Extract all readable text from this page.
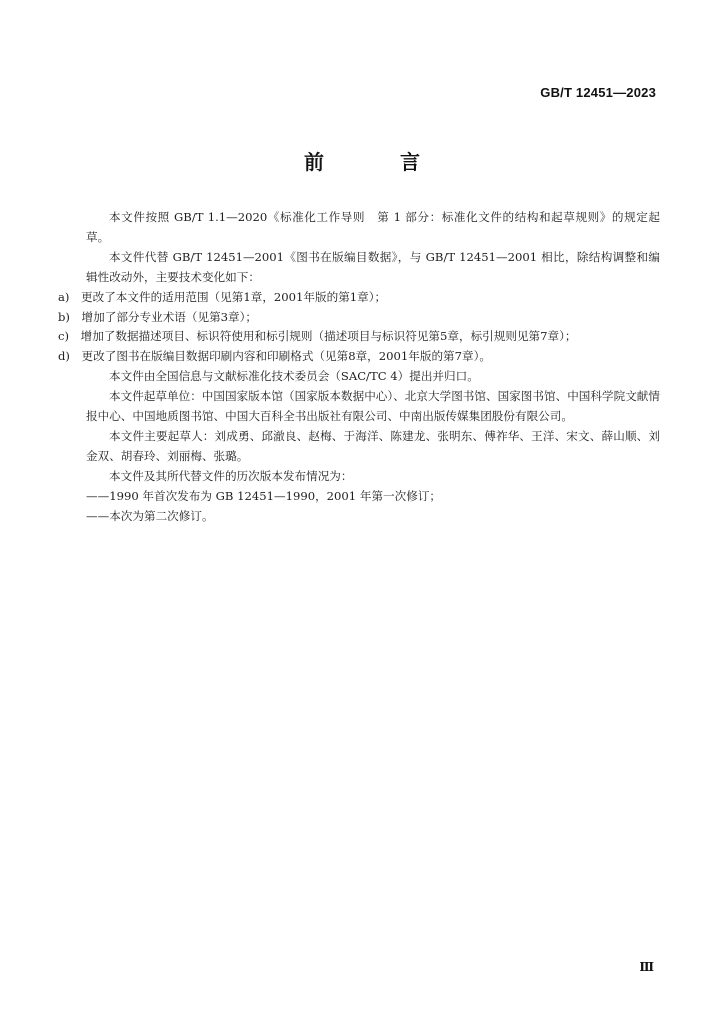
GB/T 12451—2023
前　言

本文件按照 GB/T 1.1—2020《标准化工作导则　第 1 部分：标准化文件的结构和起草规则》的规定起草。

本文件代替 GB/T 12451—2001《图书在版编目数据》，与 GB/T 12451—2001 相比，除结构调整和编辑性改动外，主要技术变化如下：

a)　更改了本文件的适用范围（见第1章，2001年版的第1章）；

b)　增加了部分专业术语（见第3章）；

c)　增加了数据描述项目、标识符使用和标引规则（描述项目与标识符见第5章，标引规则见第7章）；

d)　更改了图书在版编目数据印刷内容和印刷格式（见第8章，2001年版的第7章）。

本文件由全国信息与文献标准化技术委员会（SAC/TC 4）提出并归口。

本文件起草单位：中国国家版本馆（国家版本数据中心）、北京大学图书馆、国家图书馆、中国科学院文献情报中心、中国地质图书馆、中国大百科全书出版社有限公司、中南出版传媒集团股份有限公司。

本文件主要起草人：刘成勇、邱澈良、赵梅、于海洋、陈建龙、张明东、傅祚华、王洋、宋文、薛山顺、刘金双、胡春玲、刘丽梅、张璐。

本文件及其所代替文件的历次版本发布情况为：

——1990 年首次发布为 GB 12451—1990，2001 年第一次修订；

——本次为第二次修订。

Ⅲ
